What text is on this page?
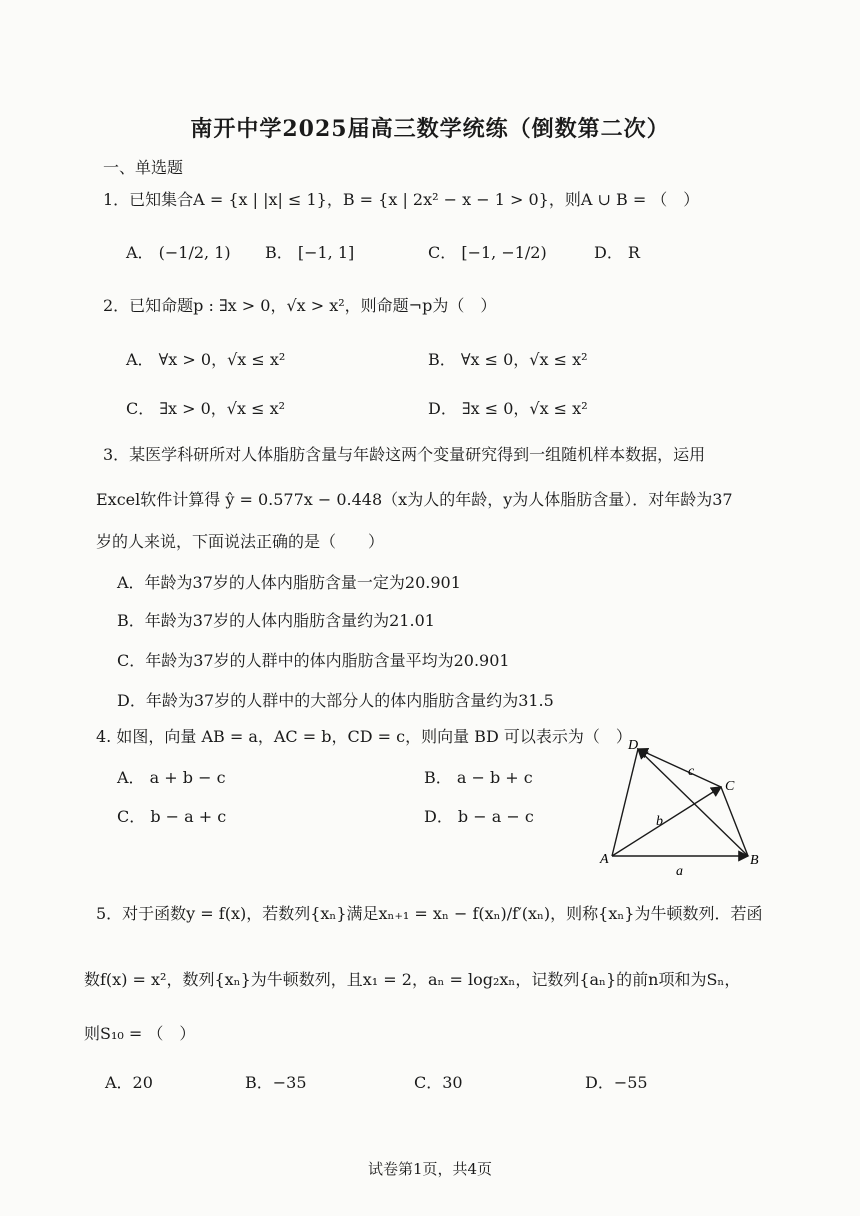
南开中学2025届高三数学统练（倒数第二次）
一、单选题
1．已知集合A = {x | |x| ≤ 1}，B = {x | 2x² − x − 1 > 0}，则A ∪ B = （　）
A． (−1/2, 1) B． [−1, 1]	C． [−1, −1/2)	D． R
2．已知命题p : ∃x > 0，√x > x²，则命题¬p为（　）
A． ∀x > 0，√x ≤ x²	B． ∀x ≤ 0，√x ≤ x²
C． ∃x > 0，√x ≤ x²	D． ∃x ≤ 0，√x ≤ x²
3．某医学科研所对人体脂肪含量与年龄这两个变量研究得到一组随机样本数据，运用
Excel软件计算得 ŷ = 0.577x − 0.448（x为人的年龄，y为人体脂肪含量）．对年龄为37
岁的人来说，下面说法正确的是（　　）
A．年龄为37岁的人体内脂肪含量一定为20.901
B．年龄为37岁的人体内脂肪含量约为21.01
C．年龄为37岁的人群中的体内脂肪含量平均为20.901
D．年龄为37岁的人群中的大部分人的体内脂肪含量约为31.5
4. 如图，向量 AB = a，AC = b，CD = c，则向量 BD 可以表示为（　）
A． a + b − c	B． a − b + c
C． b − a + c	D． b − a − c
A	B
C
D
a
b
c
5．对于函数y = f(x)，若数列{xₙ}满足xₙ₊₁ = xₙ − f(xₙ)/f′(xₙ)，则称{xₙ}为牛顿数列．若函
数f(x) = x²，数列{xₙ}为牛顿数列，且x₁ = 2，aₙ = log₂xₙ，记数列{aₙ}的前n项和为Sₙ，
则S₁₀ = （　）
A．20	B．−35	C．30	D．−55
试卷第1页，共4页
